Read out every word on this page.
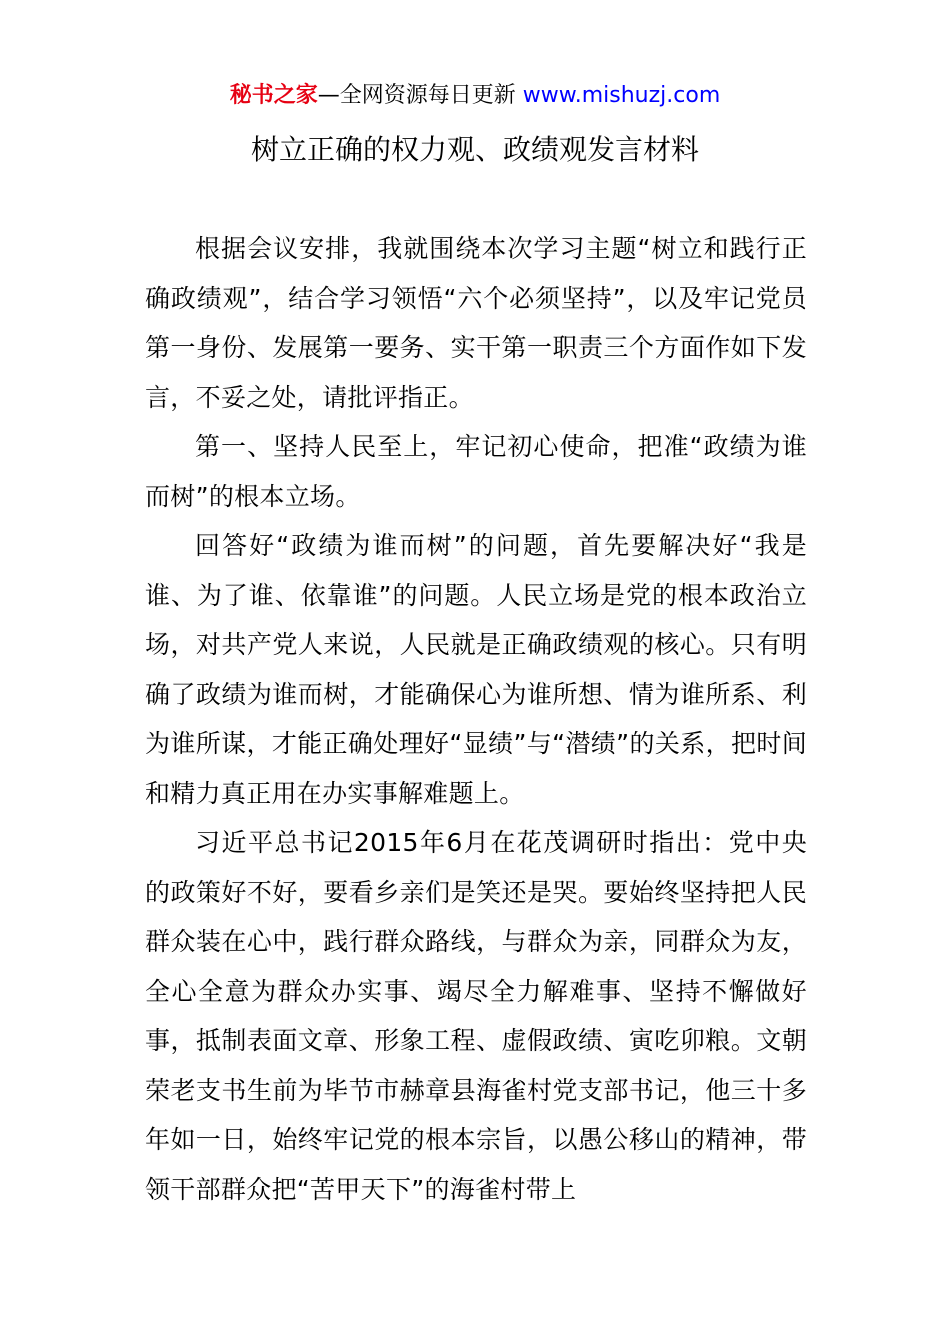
秘书之家—全网资源每日更新 www.mishuzj.com
树立正确的权力观、政绩观发言材料

根据会议安排，我就围绕本次学习主题“树立和践行正确政绩观”，结合学习领悟“六个必须坚持”，以及牢记党员第一身份、发展第一要务、实干第一职责三个方面作如下发言，不妥之处，请批评指正。

第一、坚持人民至上，牢记初心使命，把准“政绩为谁而树”的根本立场。

回答好“政绩为谁而树”的问题，首先要解决好“我是谁、为了谁、依靠谁”的问题。人民立场是党的根本政治立场，对共产党人来说，人民就是正确政绩观的核心。只有明确了政绩为谁而树，才能确保心为谁所想、情为谁所系、利为谁所谋，才能正确处理好“显绩”与“潜绩”的关系，把时间和精力真正用在办实事解难题上。

习近平总书记2015年6月在花茂调研时指出：党中央的政策好不好，要看乡亲们是笑还是哭。要始终坚持把人民群众装在心中，践行群众路线，与群众为亲，同群众为友，全心全意为群众办实事、竭尽全力解难事、坚持不懈做好事，抵制表面文章、形象工程、虚假政绩、寅吃卯粮。文朝荣老支书生前为毕节市赫章县海雀村党支部书记，他三十多年如一日，始终牢记党的根本宗旨，以愚公移山的精神，带领干部群众把“苦甲天下”的海雀村带上
